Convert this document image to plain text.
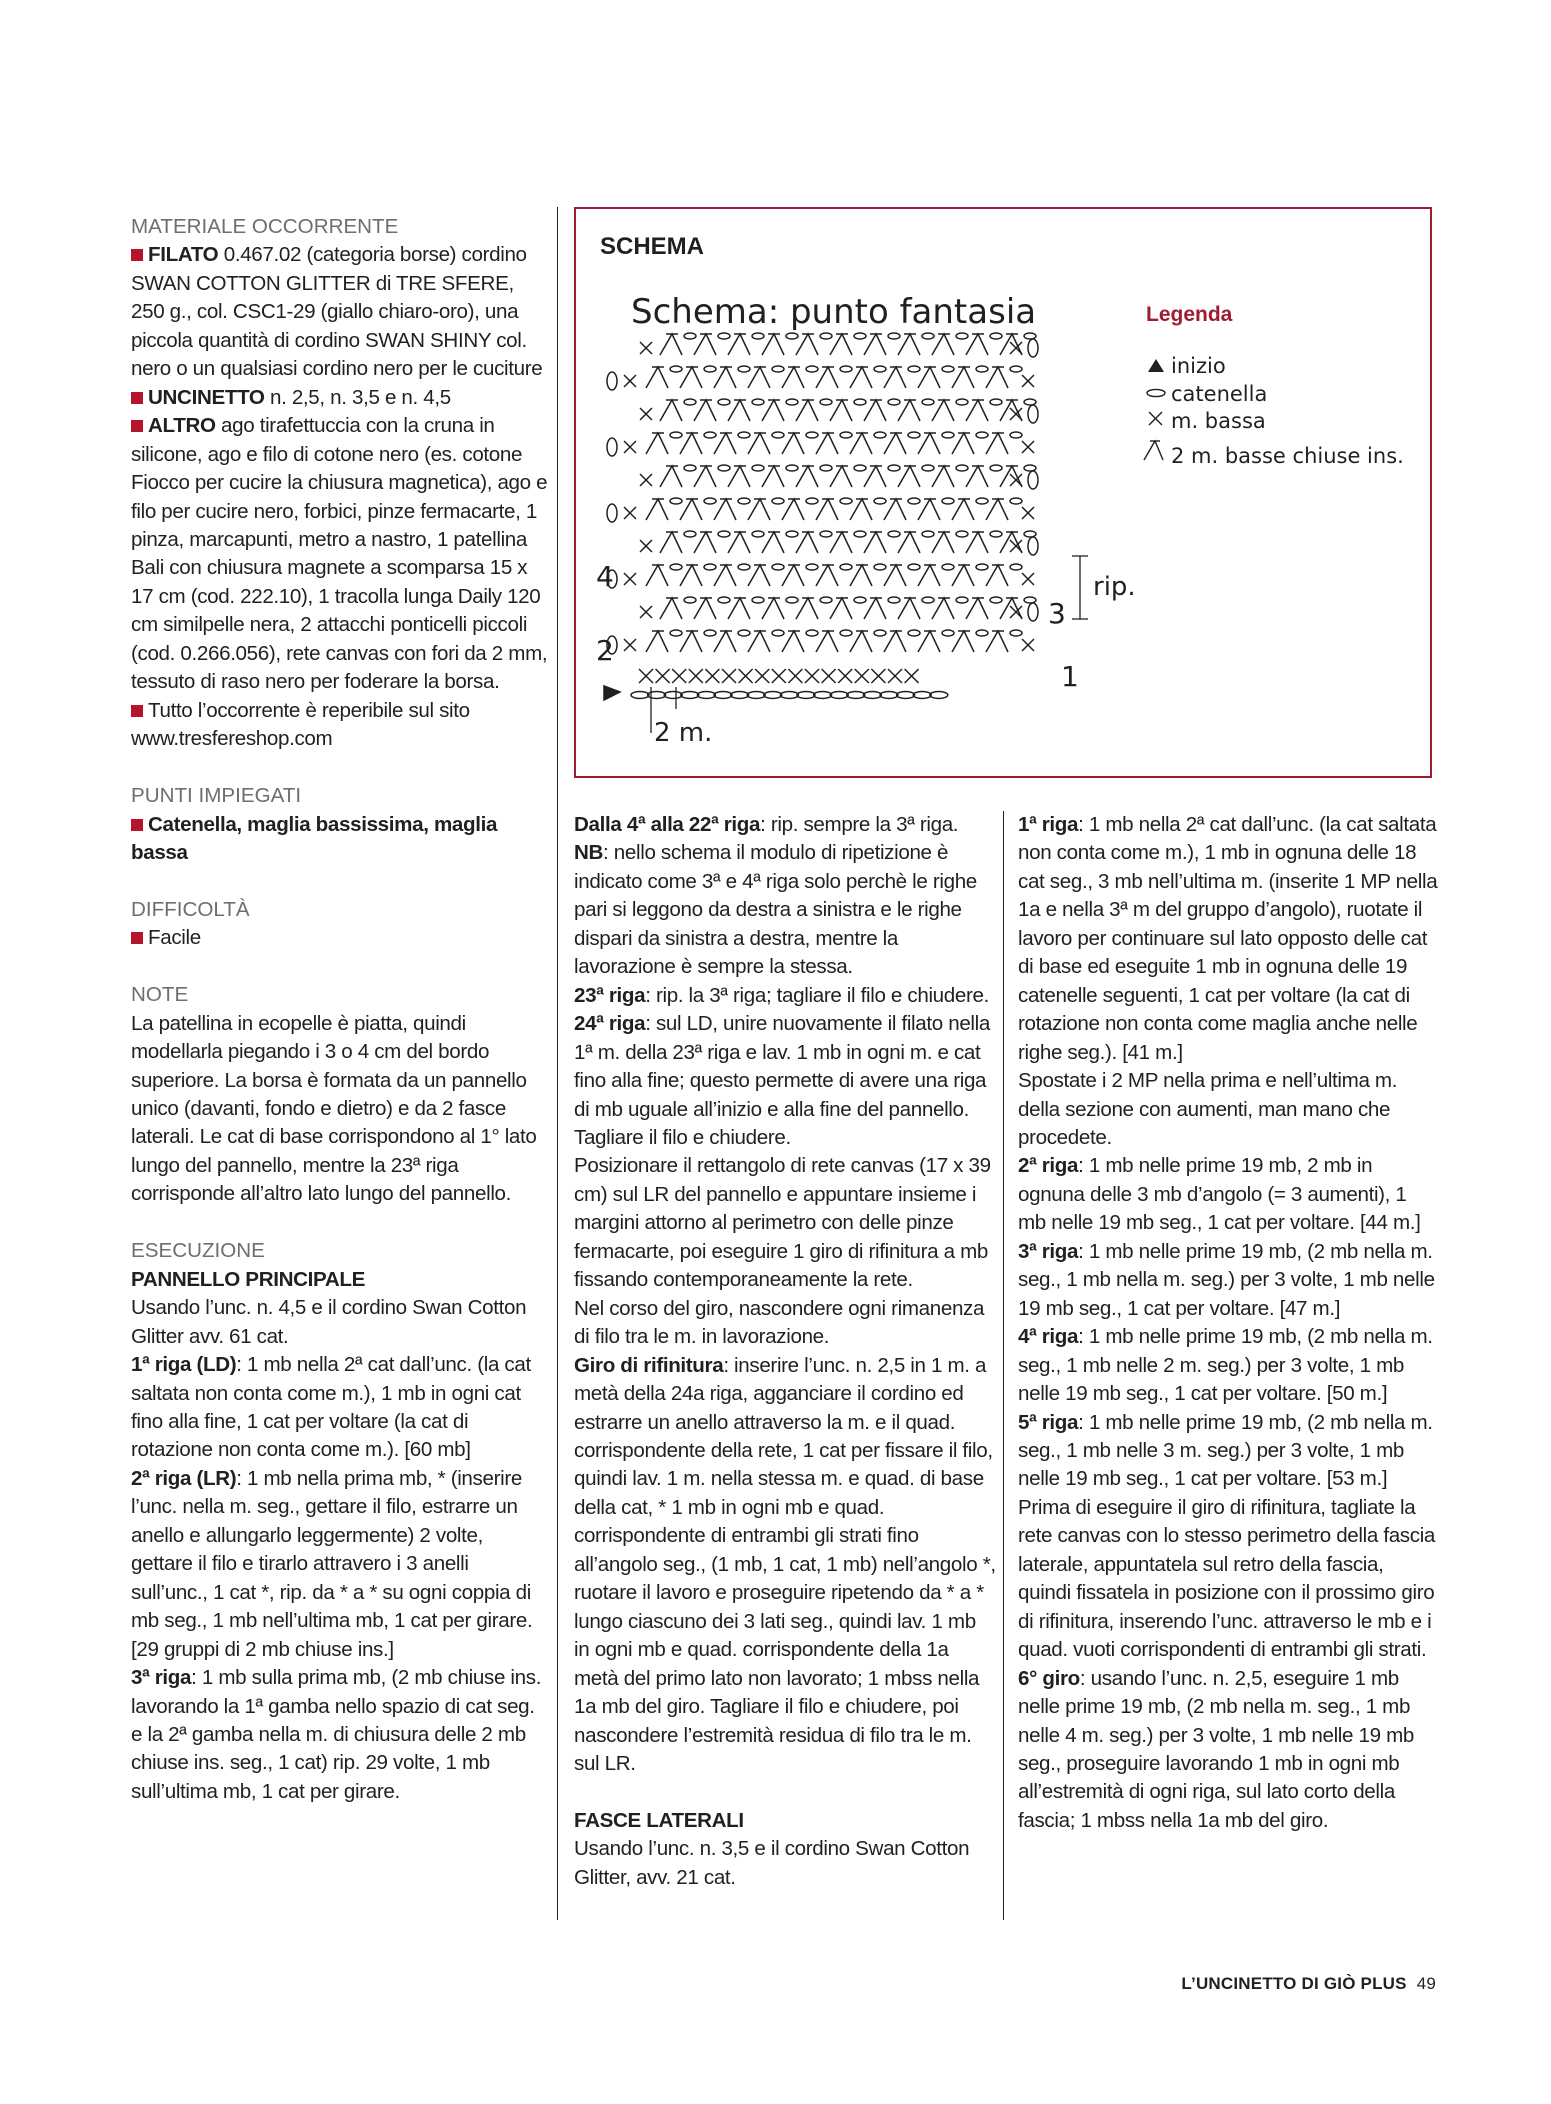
MATERIALE OCCORRENTE

FILATO 0.467.02 (categoria borse) cordino SWAN COTTON GLITTER di TRE SFERE, 250 g., col. CSC1-29 (giallo chiaro-oro), una piccola quantità di cordino SWAN SHINY col. nero o un qualsiasi cordino nero per le cuciture

UNCINETTO n. 2,5, n. 3,5 e n. 4,5

ALTRO ago tirafettuccia con la cruna in silicone, ago e filo di cotone nero (es. cotone Fiocco per cucire la chiusura magnetica), ago e filo per cucire nero, forbici, pinze fermacarte, 1 pinza, marcapunti, metro a nastro, 1 patellina Bali con chiusura magnete a scomparsa 15 x 17 cm (cod. 222.10), 1 tracolla lunga Daily 120 cm similpelle nera, 2 attacchi ponticelli piccoli (cod. 0.266.056), rete canvas con fori da 2 mm, tessuto di raso nero per foderare la borsa.

Tutto l’occorrente è reperibile sul sito www.tresfereshop.com

PUNTI IMPIEGATI

Catenella, maglia bassissima, maglia bassa

DIFFICOLTÀ

Facile

NOTE

La patellina in ecopelle è piatta, quindi modellarla piegando i 3 o 4 cm del bordo superiore. La borsa è formata da un pannello unico (davanti, fondo e dietro) e da 2 fasce laterali. Le cat di base corrispondono al 1° lato lungo del pannello, mentre la 23ª riga corrisponde all’altro lato lungo del pannello.

ESECUZIONE

PANNELLO PRINCIPALE

Usando l’unc. n. 4,5 e il cordino Swan Cotton Glitter avv. 61 cat.

1ª riga (LD): 1 mb nella 2ª cat dall’unc. (la cat saltata non conta come m.), 1 mb in ogni cat fino alla fine, 1 cat per voltare (la cat di rotazione non conta come m.). [60 mb]

2ª riga (LR): 1 mb nella prima mb, * (inserire l’unc. nella m. seg., gettare il filo, estrarre un anello e allungarlo leggermente) 2 volte, gettare il filo e tirarlo attravero i 3 anelli sull’unc., 1 cat *, rip. da * a * su ogni coppia di mb seg., 1 mb nell’ultima mb, 1 cat per girare. [29 gruppi di 2 mb chiuse ins.]

3ª riga: 1 mb sulla prima mb, (2 mb chiuse ins. lavorando la 1ª gamba nello spazio di cat seg. e la 2ª gamba nella m. di chiusura delle 2 mb chiuse ins. seg., 1 cat) rip. 29 volte, 1 mb sull’ultima mb, 1 cat per girare.

SCHEMA
Schema: punto fantasia	Legenda
inizio
catenella
m. bassa
2 m. basse chiuse ins.
1
2
3
4	rip.
2 m.

Dalla 4ª alla 22ª riga: rip. sempre la 3ª riga.

NB: nello schema il modulo di ripetizione è indicato come 3ª e 4ª riga solo perchè le righe pari si leggono da destra a sinistra e le righe dispari da sinistra a destra, mentre la lavorazione è sempre la stessa.

23ª riga: rip. la 3ª riga; tagliare il filo e chiudere.

24ª riga: sul LD, unire nuovamente il filato nella 1ª m. della 23ª riga e lav. 1 mb in ogni m. e cat fino alla fine; questo permette di avere una riga di mb uguale all’inizio e alla fine del pannello. Tagliare il filo e chiudere.

Posizionare il rettangolo di rete canvas (17 x 39 cm) sul LR del pannello e appuntare insieme i margini attorno al perimetro con delle pinze fermacarte, poi eseguire 1 giro di rifinitura a mb fissando contemporaneamente la rete.

Nel corso del giro, nascondere ogni rimanenza di filo tra le m. in lavorazione.

Giro di rifinitura: inserire l’unc. n. 2,5 in 1 m. a metà della 24a riga, agganciare il cordino ed estrarre un anello attraverso la m. e il quad. corrispondente della rete, 1 cat per fissare il filo, quindi lav. 1 m. nella stessa m. e quad. di base della cat, * 1 mb in ogni mb e quad. corrispondente di entrambi gli strati fino all’angolo seg., (1 mb, 1 cat, 1 mb) nell’angolo *, ruotare il lavoro e proseguire ripetendo da * a * lungo ciascuno dei 3 lati seg., quindi lav. 1 mb in ogni mb e quad. corrispondente della 1a metà del primo lato non lavorato; 1 mbss nella 1a mb del giro. Tagliare il filo e chiudere, poi nascondere l’estremità residua di filo tra le m. sul LR.

FASCE LATERALI

Usando l’unc. n. 3,5 e il cordino Swan Cotton Glitter, avv. 21 cat.

1ª riga: 1 mb nella 2ª cat dall’unc. (la cat saltata non conta come m.), 1 mb in ognuna delle 18 cat seg., 3 mb nell’ultima m. (inserite 1 MP nella 1a e nella 3ª m del gruppo d’angolo), ruotate il lavoro per continuare sul lato opposto delle cat di base ed eseguite 1 mb in ognuna delle 19 catenelle seguenti, 1 cat per voltare (la cat di rotazione non conta come maglia anche nelle righe seg.). [41 m.]

Spostate i 2 MP nella prima e nell’ultima m. della sezione con aumenti, man mano che procedete.

2ª riga: 1 mb nelle prime 19 mb, 2 mb in ognuna delle 3 mb d’angolo (= 3 aumenti), 1 mb nelle 19 mb seg., 1 cat per voltare. [44 m.]

3ª riga: 1 mb nelle prime 19 mb, (2 mb nella m. seg., 1 mb nella m. seg.) per 3 volte, 1 mb nelle 19 mb seg., 1 cat per voltare. [47 m.]

4ª riga: 1 mb nelle prime 19 mb, (2 mb nella m. seg., 1 mb nelle 2 m. seg.) per 3 volte, 1 mb nelle 19 mb seg., 1 cat per voltare. [50 m.]

5ª riga: 1 mb nelle prime 19 mb, (2 mb nella m. seg., 1 mb nelle 3 m. seg.) per 3 volte, 1 mb nelle 19 mb seg., 1 cat per voltare. [53 m.]

Prima di eseguire il giro di rifinitura, tagliate la rete canvas con lo stesso perimetro della fascia laterale, appuntatela sul retro della fascia, quindi fissatela in posizione con il prossimo giro di rifinitura, inserendo l’unc. attraverso le mb e i quad. vuoti corrispondenti di entrambi gli strati.

6° giro: usando l’unc. n. 2,5, eseguire 1 mb nelle prime 19 mb, (2 mb nella m. seg., 1 mb nelle 4 m. seg.) per 3 volte, 1 mb nelle 19 mb seg., proseguire lavorando 1 mb in ogni mb all’estremità di ogni riga, sul lato corto della fascia; 1 mbss nella 1a mb del giro.

L’UNCINETTO DI GIÒ PLUS 49
